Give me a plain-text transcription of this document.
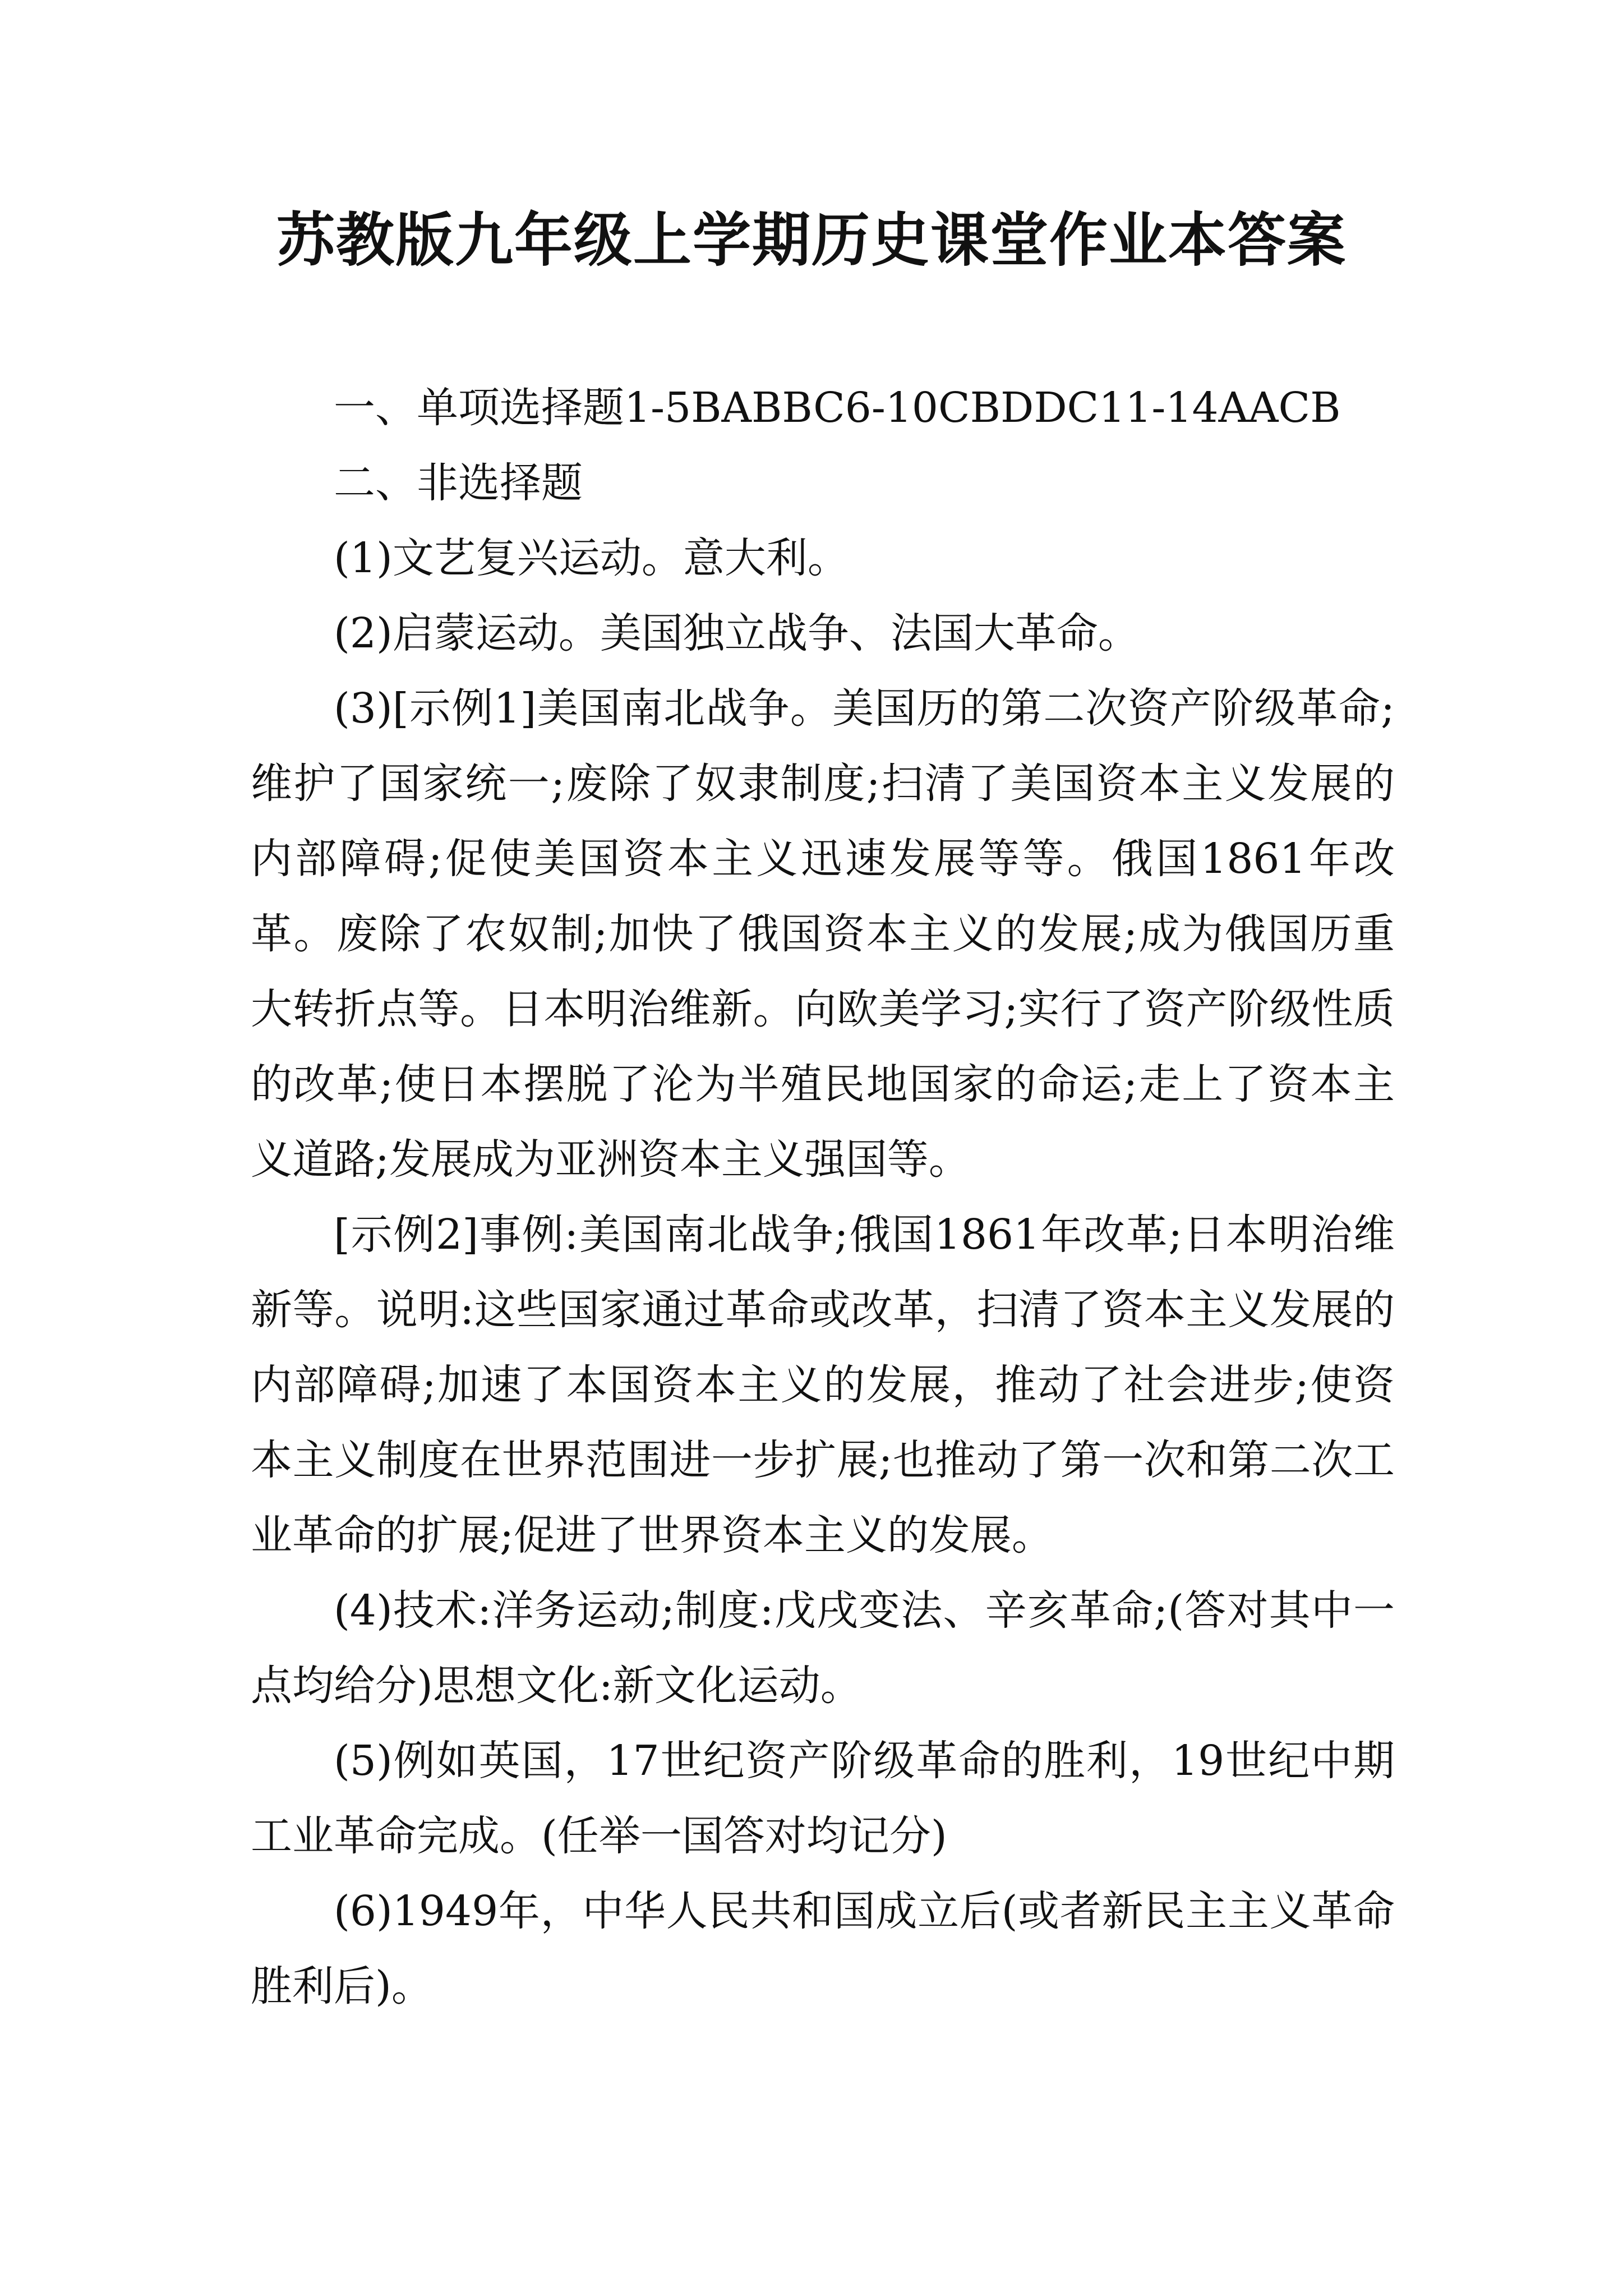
苏教版九年级上学期历史课堂作业本答案

一、单项选择题1-5BABBC6-10CBDDC11-14AACB

二、非选择题

(1)文艺复兴运动。意大利。

(2)启蒙运动。美国独立战争、法国大革命。

(3)[示例1]美国南北战争。美国历的第二次资产阶级革命;维护了国家统一;废除了奴隶制度;扫清了美国资本主义发展的内部障碍;促使美国资本主义迅速发展等等。俄国1861年改革。废除了农奴制;加快了俄国资本主义的发展;成为俄国历重大转折点等。日本明治维新。向欧美学习;实行了资产阶级性质的改革;使日本摆脱了沦为半殖民地国家的命运;走上了资本主义道路;发展成为亚洲资本主义强国等。

[示例2]事例:美国南北战争;俄国1861年改革;日本明治维新等。说明:这些国家通过革命或改革，扫清了资本主义发展的内部障碍;加速了本国资本主义的发展，推动了社会进步;使资本主义制度在世界范围进一步扩展;也推动了第一次和第二次工业革命的扩展;促进了世界资本主义的发展。

(4)技术:洋务运动;制度:戊戌变法、辛亥革命;(答对其中一点均给分)思想文化:新文化运动。

(5)例如英国，17世纪资产阶级革命的胜利，19世纪中期工业革命完成。(任举一国答对均记分)

(6)1949年，中华人民共和国成立后(或者新民主主义革命胜利后)。
